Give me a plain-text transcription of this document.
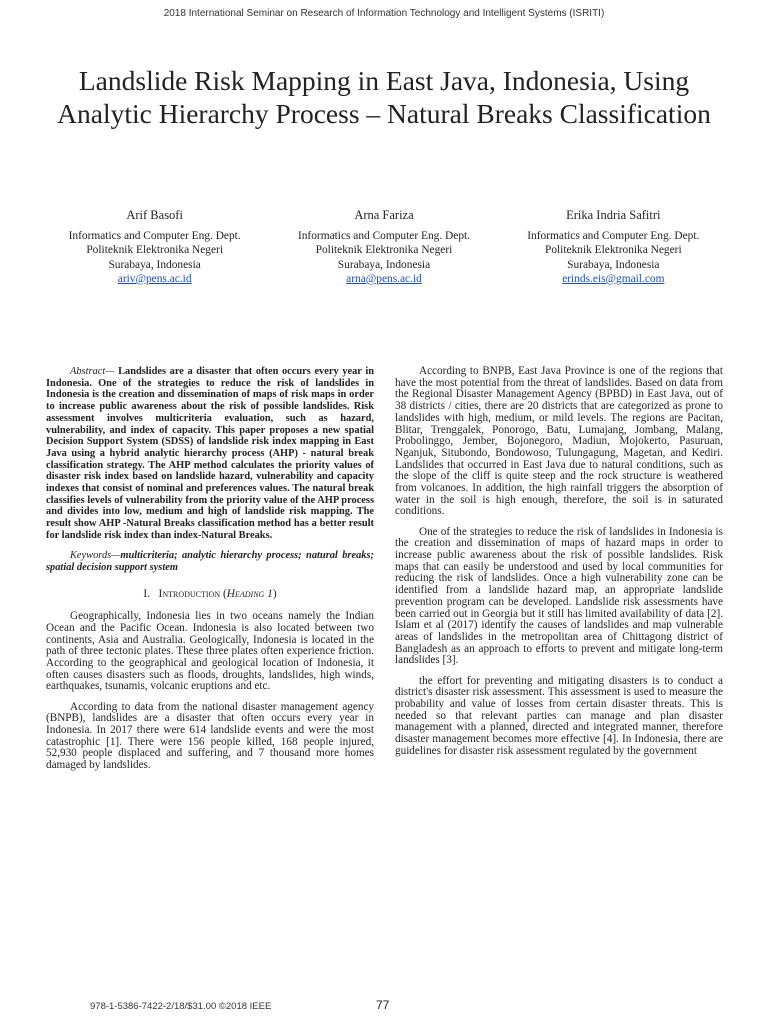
2018 International Seminar on Research of Information Technology and Intelligent Systems (ISRITI)
Landslide Risk Mapping in East Java, Indonesia, Using Analytic Hierarchy Process – Natural Breaks Classification
Arif Basofi
Informatics and Computer Eng. Dept.
Politeknik Elektronika Negeri
Surabaya, Indonesia
ariv@pens.ac.id
Arna Fariza
Informatics and Computer Eng. Dept.
Politeknik Elektronika Negeri
Surabaya, Indonesia
arna@pens.ac.id
Erika Indria Safitri
Informatics and Computer Eng. Dept.
Politeknik Elektronika Negeri
Surabaya, Indonesia
erinds.eis@gmail.com

Abstract— Landslides are a disaster that often occurs every year in Indonesia. One of the strategies to reduce the risk of landslides in Indonesia is the creation and dissemination of maps of risk maps in order to increase public awareness about the risk of possible landslides. Risk assessment involves multicriteria evaluation, such as hazard, vulnerability, and index of capacity. This paper proposes a new spatial Decision Support System (SDSS) of landslide risk index mapping in East Java using a hybrid analytic hierarchy process (AHP) - natural break classification strategy. The AHP method calculates the priority values of disaster risk index based on landslide hazard, vulnerability and capacity indexes that consist of nominal and preferences values. The natural break classifies levels of vulnerability from the priority value of the AHP process and divides into low, medium and high of landslide risk mapping. The result show AHP -Natural Breaks classification method has a better result for landslide risk index than index-Natural Breaks.

Keywords—multicriteria; analytic hierarchy process; natural breaks; spatial decision support system

I. Introduction (Heading 1)

Geographically, Indonesia lies in two oceans namely the Indian Ocean and the Pacific Ocean. Indonesia is also located between two continents, Asia and Australia. Geologically, Indonesia is located in the path of three tectonic plates. These three plates often experience friction. According to the geographical and geological location of Indonesia, it often causes disasters such as floods, droughts, landslides, high winds, earthquakes, tsunamis, volcanic eruptions and etc.

According to data from the national disaster management agency (BNPB), landslides are a disaster that often occurs every year in Indonesia. In 2017 there were 614 landslide events and were the most catastrophic [1]. There were 156 people killed, 168 people injured, 52,930 people displaced and suffering, and 7 thousand more homes damaged by landslides.

According to BNPB, East Java Province is one of the regions that have the most potential from the threat of landslides. Based on data from the Regional Disaster Management Agency (BPBD) in East Java, out of 38 districts / cities, there are 20 districts that are categorized as prone to landslides with high, medium, or mild levels. The regions are Pacitan, Blitar, Trenggalek, Ponorogo, Batu, Lumajang, Jombang, Malang, Probolinggo, Jember, Bojonegoro, Madiun, Mojokerto, Pasuruan, Nganjuk, Situbondo, Bondowoso, Tulungagung, Magetan, and Kediri. Landslides that occurred in East Java due to natural conditions, such as the slope of the cliff is quite steep and the rock structure is weathered from volcanoes. In addition, the high rainfall triggers the absorption of water in the soil is high enough, therefore, the soil is in saturated conditions.

One of the strategies to reduce the risk of landslides in Indonesia is the creation and dissemination of maps of hazard maps in order to increase public awareness about the risk of possible landslides. Risk maps that can easily be understood and used by local communities for reducing the risk of landslides. Once a high vulnerability zone can be identified from a landslide hazard map, an appropriate landslide prevention program can be developed. Landslide risk assessments have been carried out in Georgia but it still has limited availability of data [2]. Islam et al (2017) identify the causes of landslides and map vulnerable areas of landslides in the metropolitan area of Chittagong district of Bangladesh as an approach to efforts to prevent and mitigate long-term landslides [3].

the effort for preventing and mitigating disasters is to conduct a district's disaster risk assessment. This assessment is used to measure the probability and value of losses from certain disaster threats. This is needed so that relevant parties can manage and plan disaster management with a planned, directed and integrated manner, therefore disaster management becomes more effective [4]. In Indonesia, there are guidelines for disaster risk assessment regulated by the government

978-1-5386-7422-2/18/$31.00 ©2018 IEEE	77
